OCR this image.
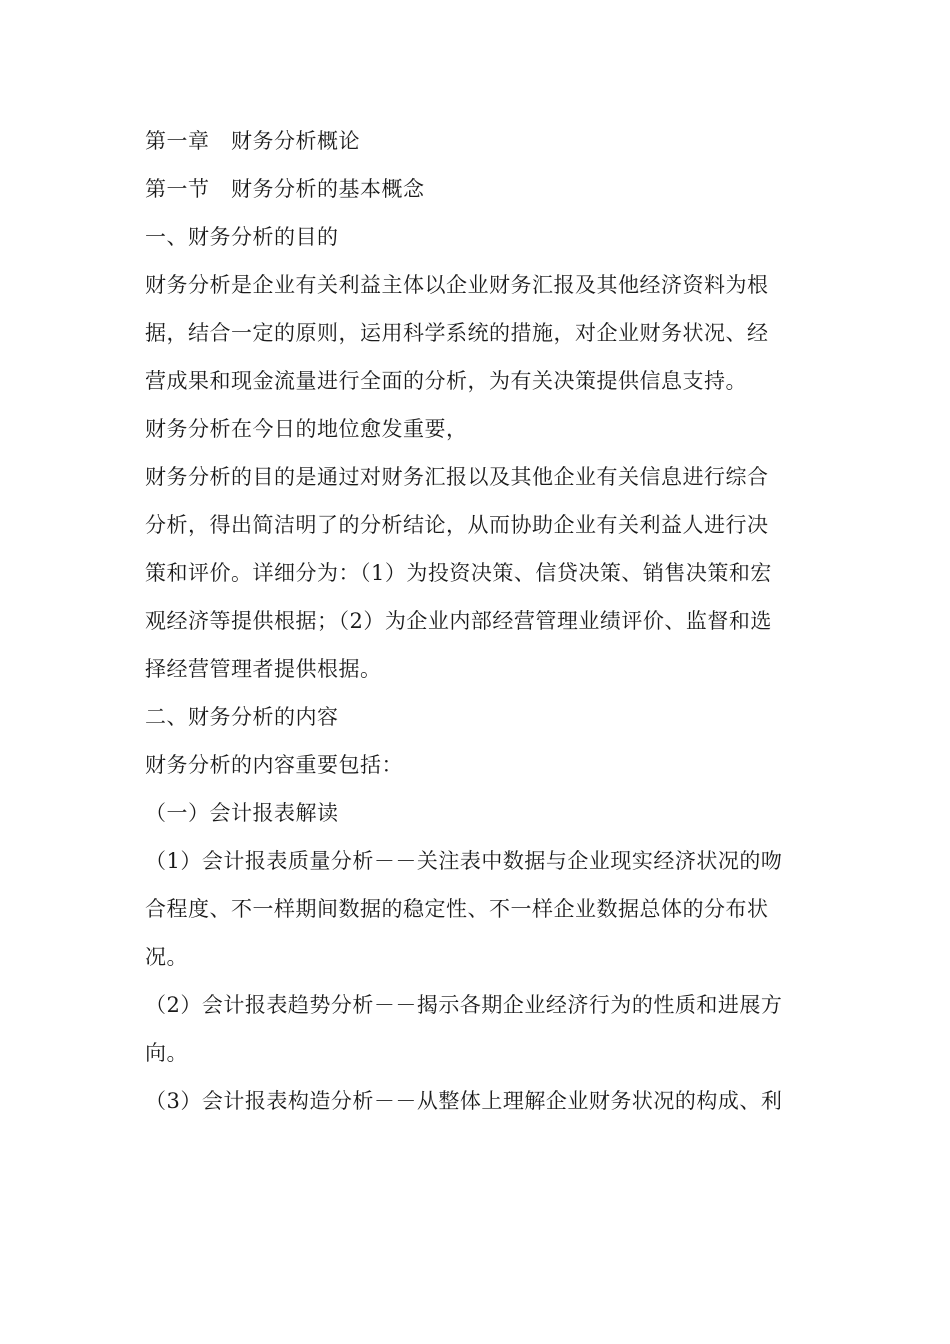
第一章　财务分析概论
第一节　财务分析的基本概念
一、财务分析的目的
财务分析是企业有关利益主体以企业财务汇报及其他经济资料为根
据，结合一定的原则，运用科学系统的措施，对企业财务状况、经
营成果和现金流量进行全面的分析，为有关决策提供信息支持。
财务分析在今日的地位愈发重要，
财务分析的目的是通过对财务汇报以及其他企业有关信息进行综合
分析，得出简洁明了的分析结论，从而协助企业有关利益人进行决
策和评价。详细分为：（1）为投资决策、信贷决策、销售决策和宏
观经济等提供根据；（2）为企业内部经营管理业绩评价、监督和选
择经营管理者提供根据。
二、财务分析的内容
财务分析的内容重要包括：
（一）会计报表解读
（1）会计报表质量分析－－关注表中数据与企业现实经济状况的吻
合程度、不一样期间数据的稳定性、不一样企业数据总体的分布状
况。
（2）会计报表趋势分析－－揭示各期企业经济行为的性质和进展方
向。
（3）会计报表构造分析－－从整体上理解企业财务状况的构成、利
